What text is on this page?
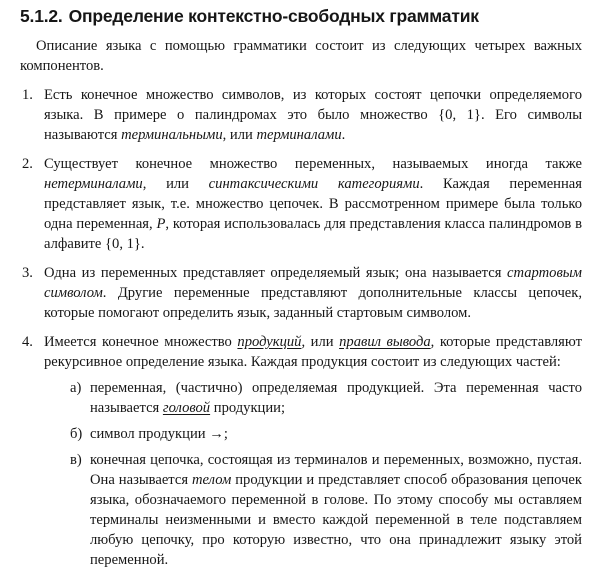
5.1.2. Определение контекстно-свободных грамматик

Описание языка с помощью грамматики состоит из следующих четырех важных компонентов.

1. Есть конечное множество символов, из которых состоят цепочки определяемого языка. В примере о палиндромах это было множество {0, 1}. Его символы называются терминальными, или терминалами.
2. Существует конечное множество переменных, называемых иногда также нетерминалами, или синтаксическими категориями. Каждая переменная представляет язык, т.е. множество цепочек. В рассмотренном примере была только одна переменная, P, которая использовалась для представления класса палиндромов в алфавите {0, 1}.
3. Одна из переменных представляет определяемый язык; она называется стартовым символом. Другие переменные представляют дополнительные классы цепочек, которые помогают определить язык, заданный стартовым символом.
4. Имеется конечное множество продукций, или правил вывода, которые представляют рекурсивное определение языка. Каждая продукция состоит из следующих частей:
а) переменная, (частично) определяемая продукцией. Эта переменная часто называется головой продукции;
б) символ продукции →;
в) конечная цепочка, состоящая из терминалов и переменных, возможно, пустая. Она называется телом продукции и представляет способ образования цепочек языка, обозначаемого переменной в голове. По этому способу мы оставляем терминалы неизменными и вместо каждой переменной в теле подставляем любую цепочку, про которую известно, что она принадлежит языку этой переменной.
